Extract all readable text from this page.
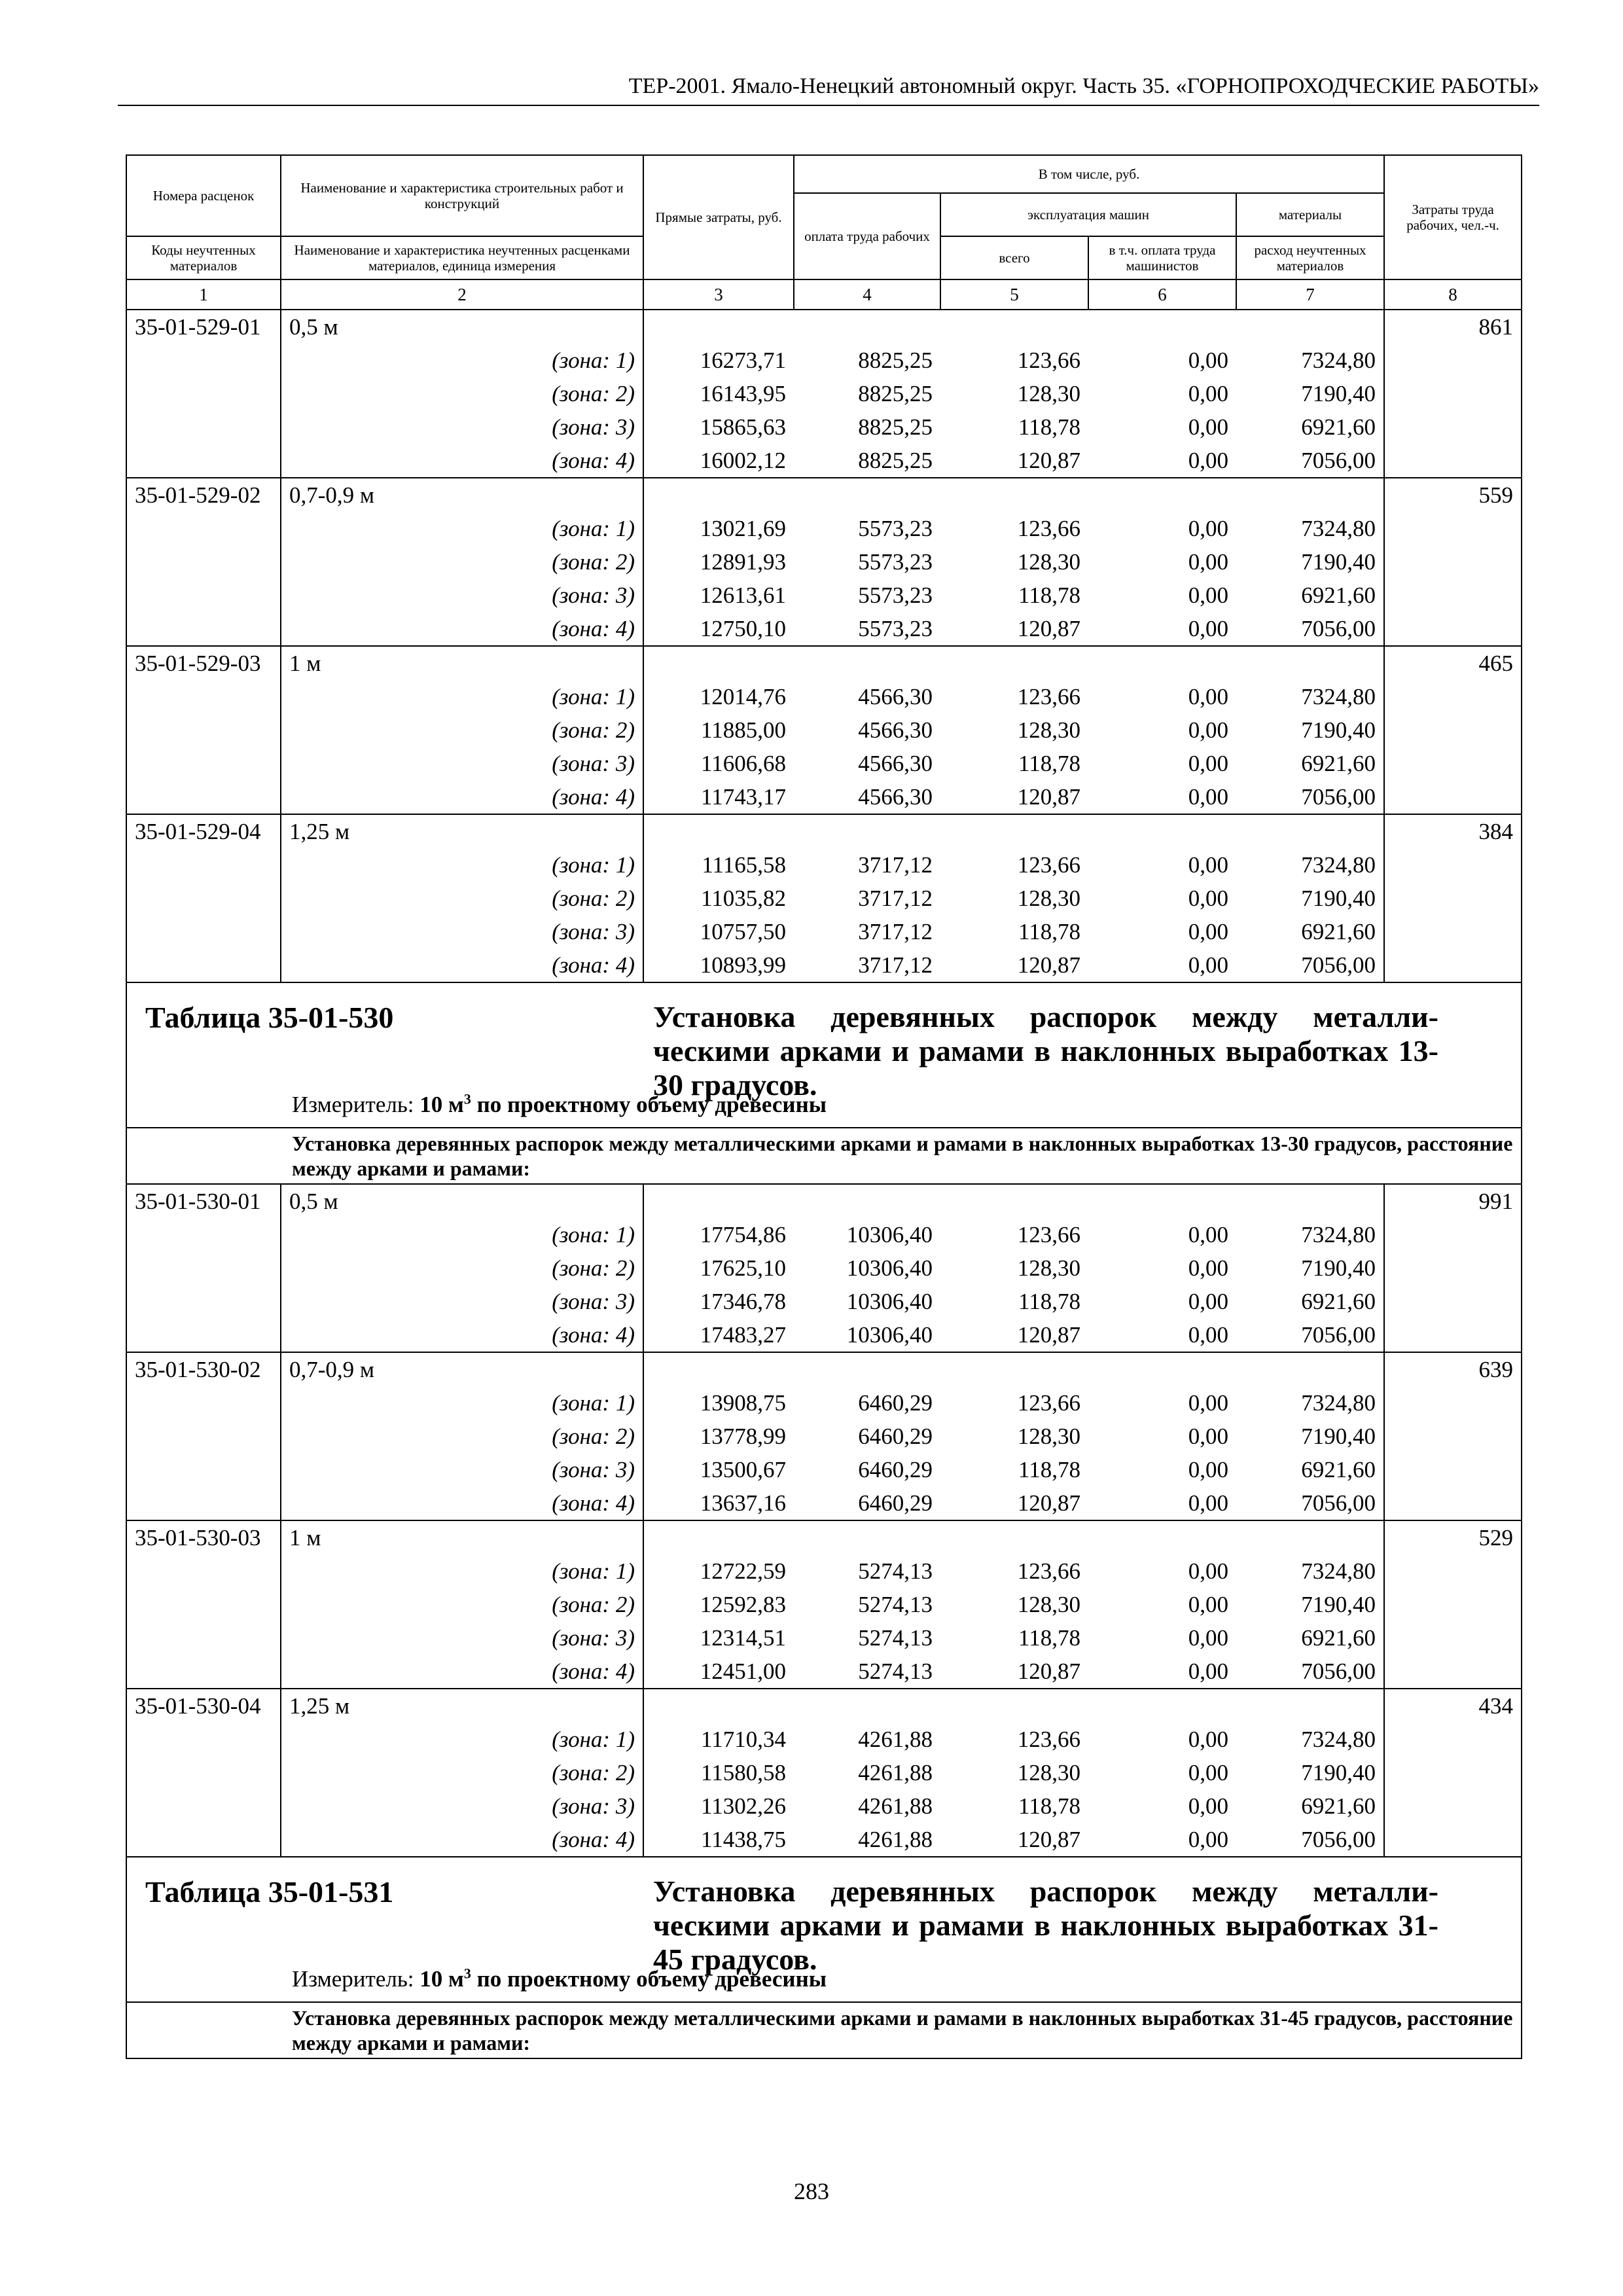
ТЕР-2001. Ямало-Ненецкий автономный округ. Часть 35. «ГОРНОПРОХОДЧЕСКИЕ РАБОТЫ»
Номера расценок	Наименование и характеристика строительных работ и конструкций	Прямые затраты, руб.	В том числе, руб.				Затраты труда рабочих, чел.-ч.
			оплата труда рабочих	эксплуатация машин		материалы	
Коды неучтенных материалов	Наименование и характеристика неучтенных расценками материалов, единица измерения			всего	в т.ч. оплата труда машинистов	расход неучтенных материалов	
1	2	3	4	5	6	7	8
35-01-529-01	0,5 м						861
	(зона: 1)	16273,71	8825,25	123,66	0,00	7324,80	
	(зона: 2)	16143,95	8825,25	128,30	0,00	7190,40	
	(зона: 3)	15865,63	8825,25	118,78	0,00	6921,60	
	(зона: 4)	16002,12	8825,25	120,87	0,00	7056,00	
35-01-529-02	0,7-0,9 м						559
	(зона: 1)	13021,69	5573,23	123,66	0,00	7324,80	
	(зона: 2)	12891,93	5573,23	128,30	0,00	7190,40	
	(зона: 3)	12613,61	5573,23	118,78	0,00	6921,60	
	(зона: 4)	12750,10	5573,23	120,87	0,00	7056,00	
35-01-529-03	1 м						465
	(зона: 1)	12014,76	4566,30	123,66	0,00	7324,80	
	(зона: 2)	11885,00	4566,30	128,30	0,00	7190,40	
	(зона: 3)	11606,68	4566,30	118,78	0,00	6921,60	
	(зона: 4)	11743,17	4566,30	120,87	0,00	7056,00	
35-01-529-04	1,25 м						384
	(зона: 1)	11165,58	3717,12	123,66	0,00	7324,80	
	(зона: 2)	11035,82	3717,12	128,30	0,00	7190,40	
	(зона: 3)	10757,50	3717,12	118,78	0,00	6921,60	
	(зона: 4)	10893,99	3717,12	120,87	0,00	7056,00	

Таблица 35-01-530 Установка деревянных распорок между металли-ческими арками и рамами в наклонных выработках 13-30 градусов.
Измеритель: 10 $м^3$ по проектному объему древесины							

Установка деревянных распорок между металлическими арками и рамами в наклонных выработках 13-30 градусов, расстояние между арками и рамами:							

35-01-530-01	0,5 м						991
	(зона: 1)	17754,86	10306,40	123,66	0,00	7324,80	
	(зона: 2)	17625,10	10306,40	128,30	0,00	7190,40	
	(зона: 3)	17346,78	10306,40	118,78	0,00	6921,60	
	(зона: 4)	17483,27	10306,40	120,87	0,00	7056,00	
35-01-530-02	0,7-0,9 м						639
	(зона: 1)	13908,75	6460,29	123,66	0,00	7324,80	
	(зона: 2)	13778,99	6460,29	128,30	0,00	7190,40	
	(зона: 3)	13500,67	6460,29	118,78	0,00	6921,60	
	(зона: 4)	13637,16	6460,29	120,87	0,00	7056,00	
35-01-530-03	1 м						529
	(зона: 1)	12722,59	5274,13	123,66	0,00	7324,80	
	(зона: 2)	12592,83	5274,13	128,30	0,00	7190,40	
	(зона: 3)	12314,51	5274,13	118,78	0,00	6921,60	
	(зона: 4)	12451,00	5274,13	120,87	0,00	7056,00	
35-01-530-04	1,25 м						434
	(зона: 1)	11710,34	4261,88	123,66	0,00	7324,80	
	(зона: 2)	11580,58	4261,88	128,30	0,00	7190,40	
	(зона: 3)	11302,26	4261,88	118,78	0,00	6921,60	
	(зона: 4)	11438,75	4261,88	120,87	0,00	7056,00	

Таблица 35-01-531 Установка деревянных распорок между металли-ческими арками и рамами в наклонных выработках 31-45 градусов.
Измеритель: 10 $м^3$ по проектному объему древесины							

Установка деревянных распорок между металлическими арками и рамами в наклонных выработках 31-45 градусов, расстояние между арками и рамами:							
283
